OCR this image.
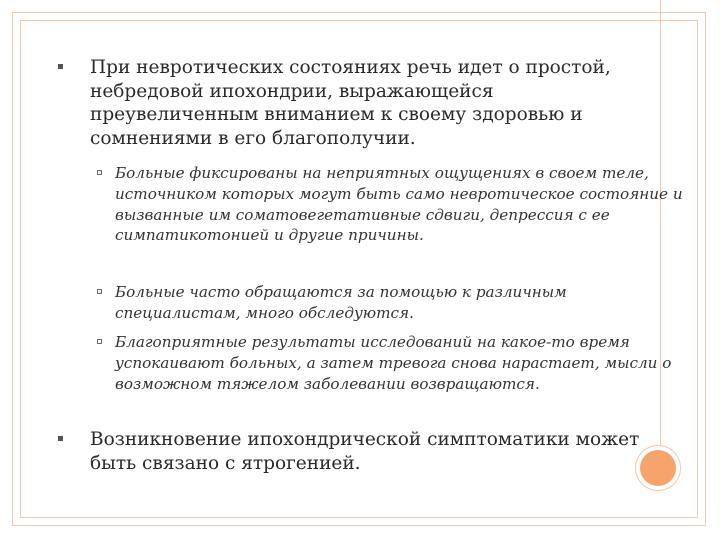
При невротических состояниях речь идет о простой, небредовой ипохондрии, выражающейся преувеличенным вниманием к своему здоровью и сомнениями в его благополучии.
Больные фиксированы на неприятных ощущениях в своем теле, источником которых могут быть само невротическое состояние и вызванные им соматовегетативные сдвиги, депрессия с ее симпатикотонией и другие причины.
Больные часто обращаются за помощью к различным специалистам, много обследуются.
Благоприятные результаты исследований на какое-то время успокаивают больных, а затем тревога снова нарастает, мысли о возможном тяжелом заболевании возвращаются.
Возникновение ипохондрической симптоматики может быть связано с ятрогенией.
